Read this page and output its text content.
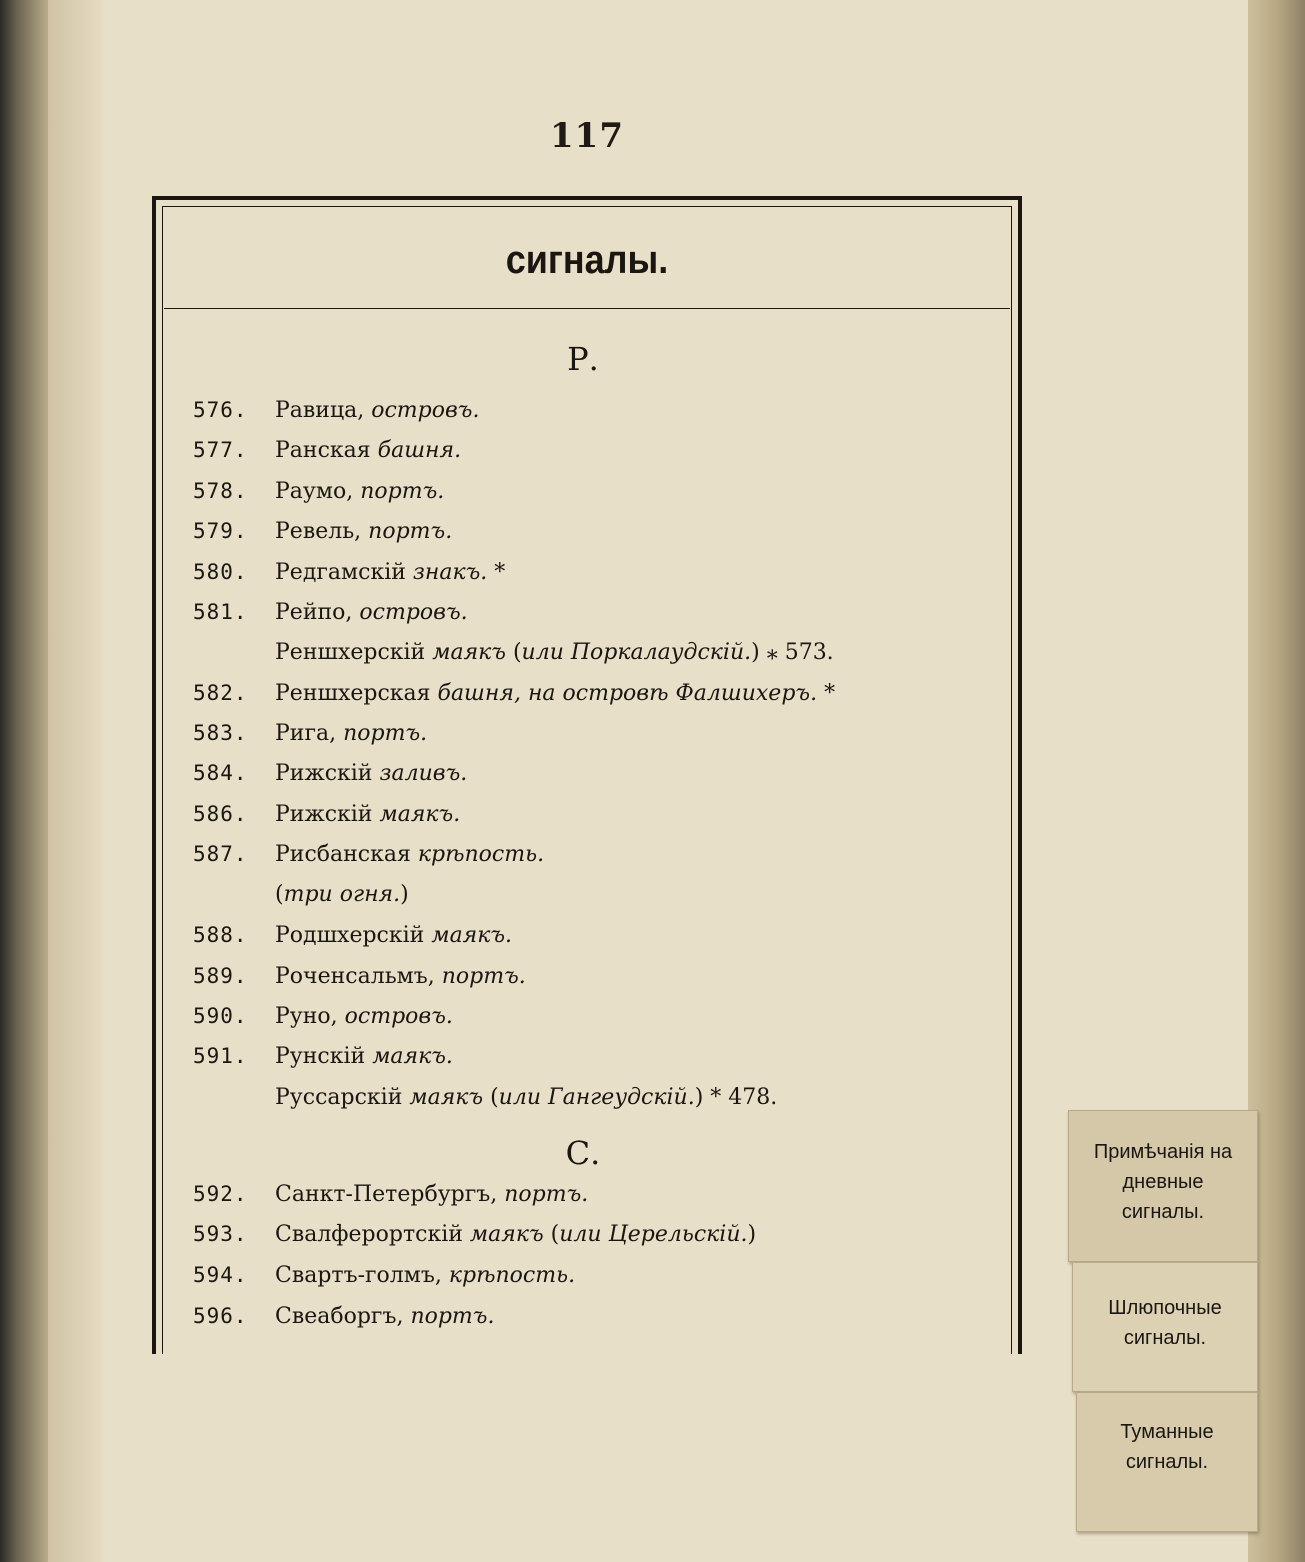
117
сигналы.
Р.
С.
576.	Равица, островъ.
577.	Ранская башня.
578.	Раумо, портъ.
579.	Ревель, портъ.
580.	Редгамскій знакъ. *
581.	Рейпо, островъ.
Реншхерскій маякъ (или Поркалаудскій.) ⁎ 573.
582.	Реншхерская башня, на островѣ Фалшихеръ. *
583.	Рига, портъ.
584.	Рижскій заливъ.
586.	Рижскій маякъ.
587.	Рисбанская крѣпость.
(три огня.)
588.	Родшхерскій маякъ.
589.	Роченсальмъ, портъ.
590.	Руно, островъ.
591.	Рунскій маякъ.
Руссарскій маякъ (или Гангеудскій.) * 478.
592.	Санкт-Петербургъ, портъ.
593.	Свалферортскій маякъ (или Церельскій.)
594.	Свартъ-голмъ, крѣпость.
596.	Свеаборгъ, портъ.
Примѣчанія на
дневные
сигналы.
Шлюпочные
сигналы.
Туманные
сигналы.
